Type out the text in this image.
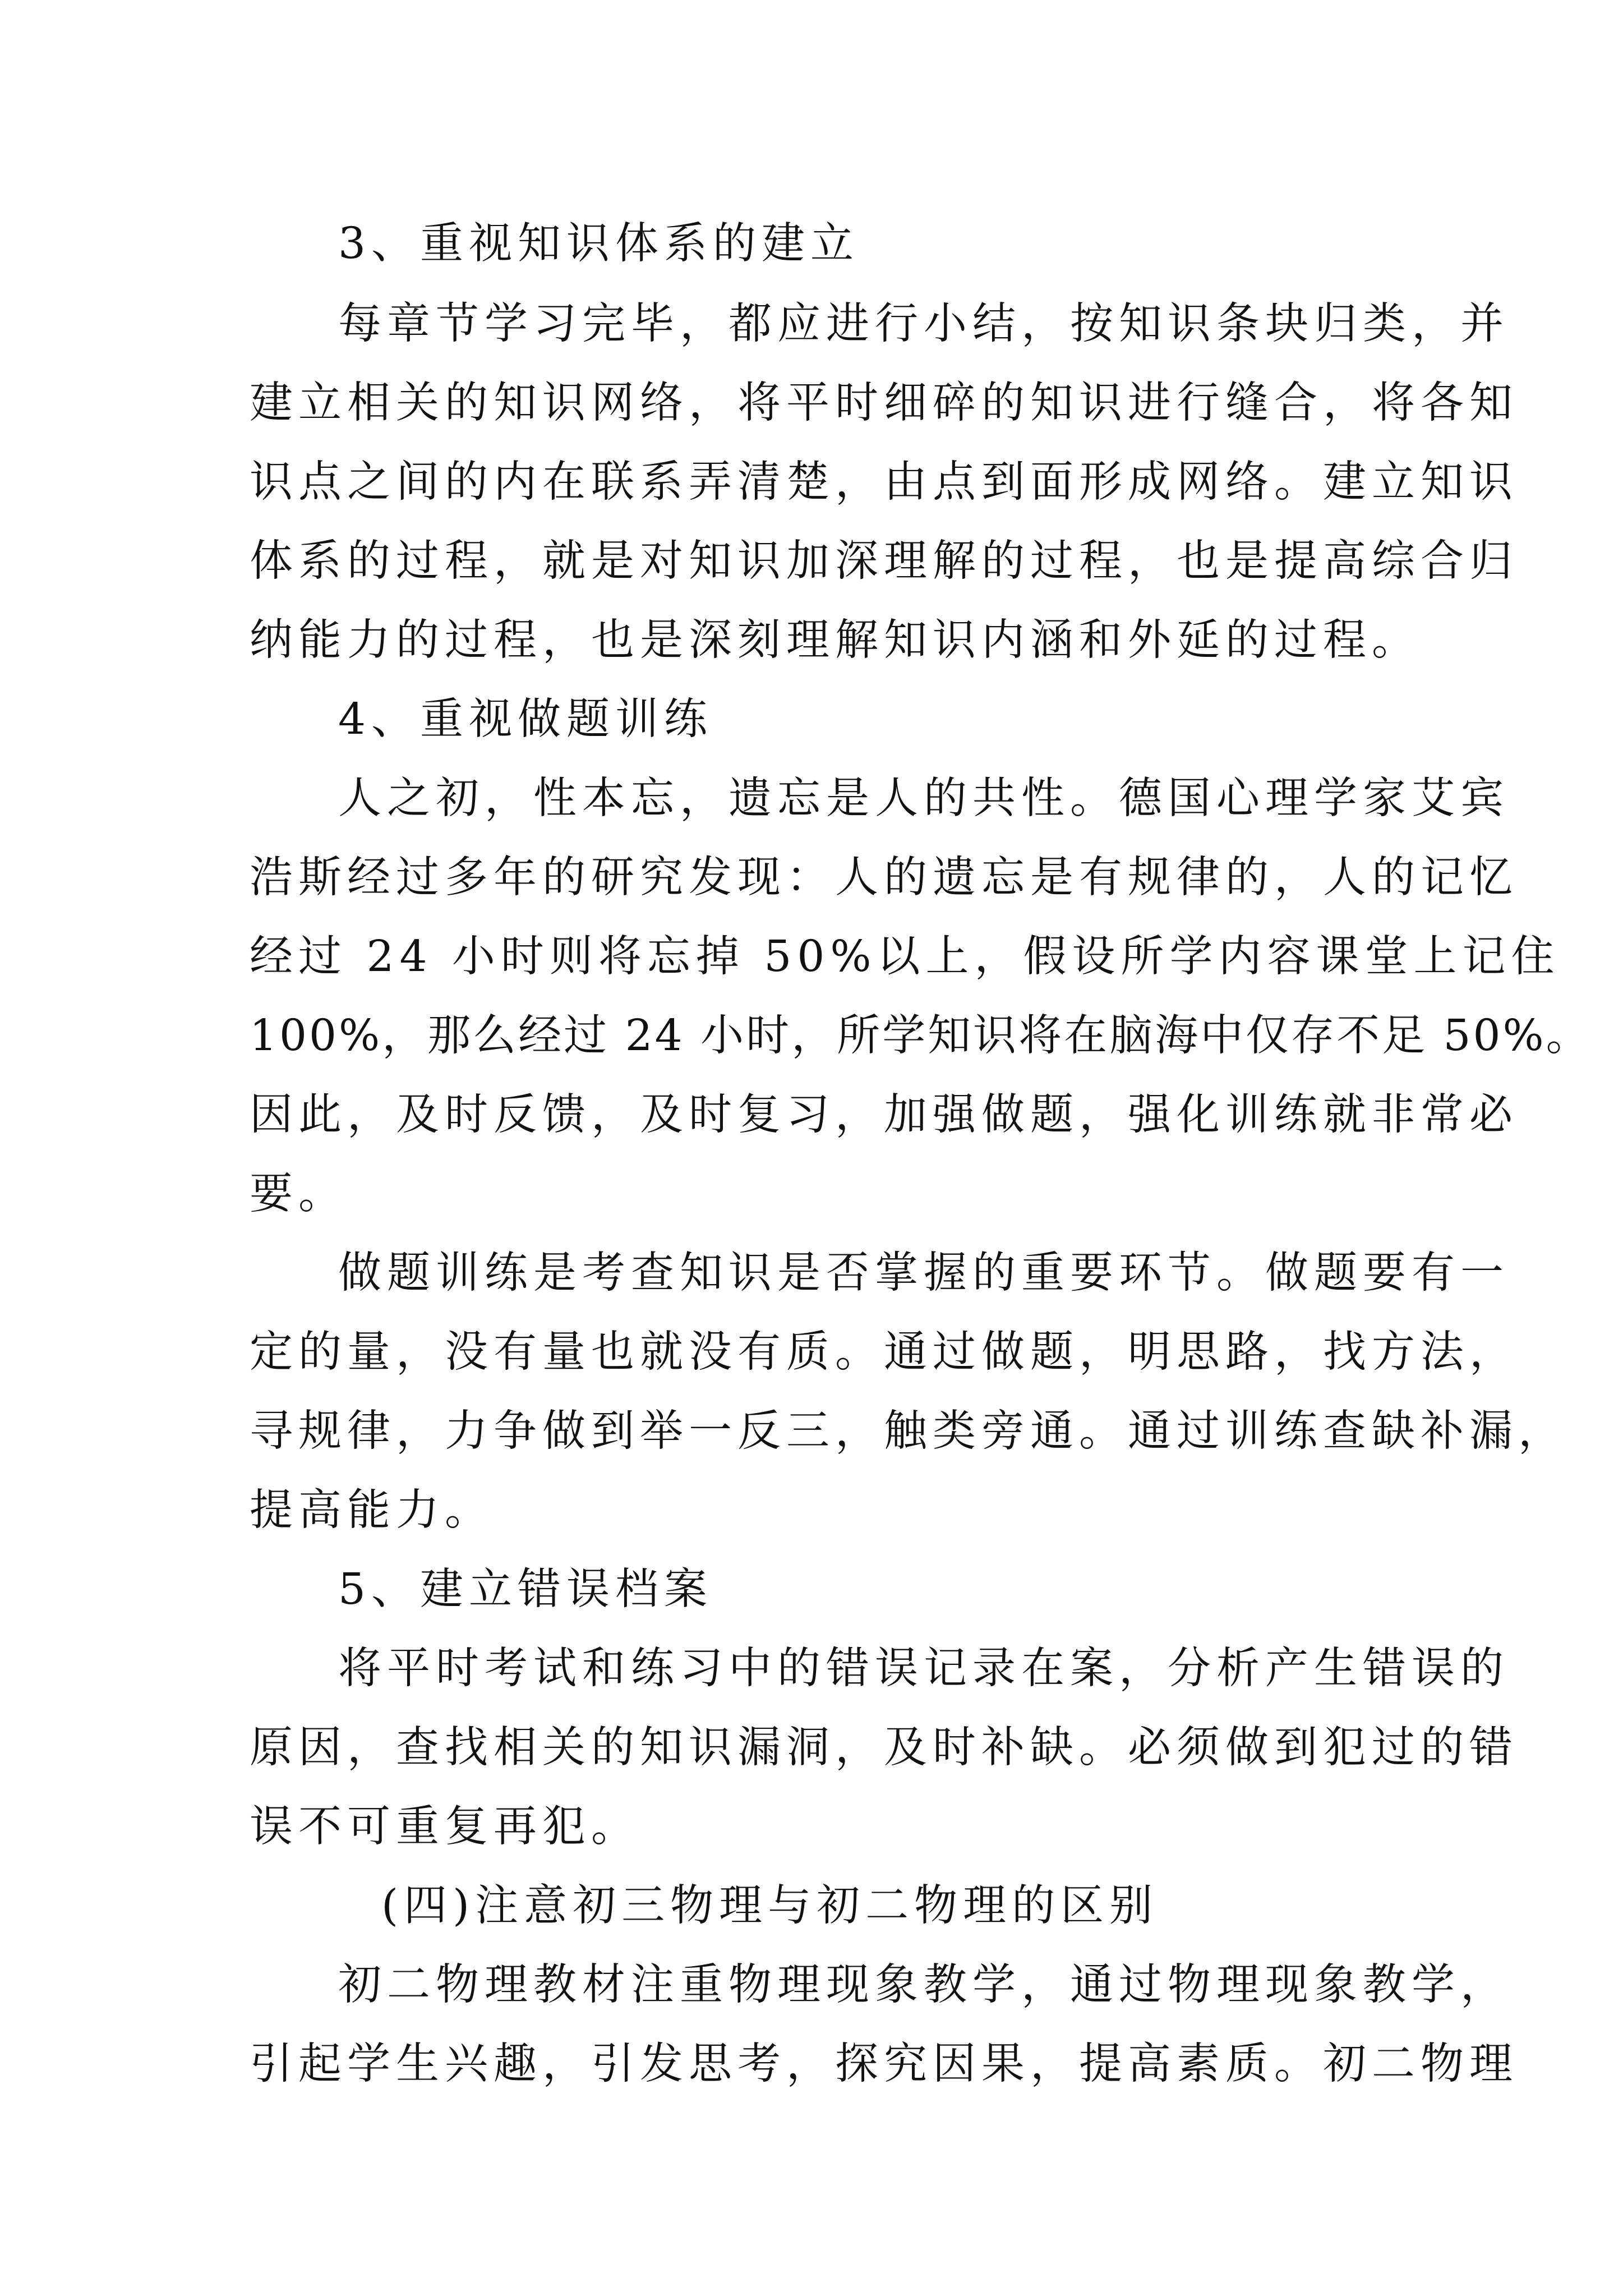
3、重视知识体系的建立
每章节学习完毕，都应进行小结，按知识条块归类，并
建立相关的知识网络，将平时细碎的知识进行缝合，将各知
识点之间的内在联系弄清楚，由点到面形成网络。建立知识
体系的过程，就是对知识加深理解的过程，也是提高综合归
纳能力的过程，也是深刻理解知识内涵和外延的过程。
4、重视做题训练
人之初，性本忘，遗忘是人的共性。德国心理学家艾宾
浩斯经过多年的研究发现：人的遗忘是有规律的，人的记忆
经过 24 小时则将忘掉 50%以上，假设所学内容课堂上记住
100%，那么经过 24 小时，所学知识将在脑海中仅存不足 50%。
因此，及时反馈，及时复习，加强做题，强化训练就非常必
要。
做题训练是考查知识是否掌握的重要环节。做题要有一
定的量，没有量也就没有质。通过做题，明思路，找方法，
寻规律，力争做到举一反三，触类旁通。通过训练查缺补漏，
提高能力。
5、建立错误档案
将平时考试和练习中的错误记录在案，分析产生错误的
原因，查找相关的知识漏洞，及时补缺。必须做到犯过的错
误不可重复再犯。
(四)注意初三物理与初二物理的区别
初二物理教材注重物理现象教学，通过物理现象教学，
引起学生兴趣，引发思考，探究因果，提高素质。初二物理
